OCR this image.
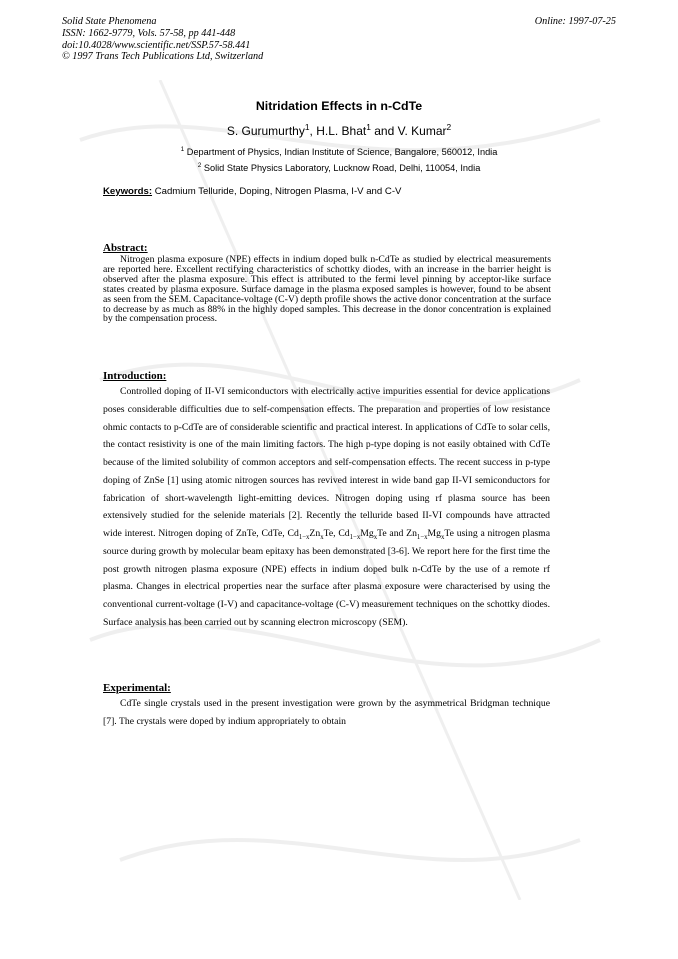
Solid State Phenomena
ISSN: 1662-9779, Vols. 57-58, pp 441-448
doi:10.4028/www.scientific.net/SSP.57-58.441
© 1997 Trans Tech Publications Ltd, Switzerland
Online: 1997-07-25
Nitridation Effects in n-CdTe
S. Gurumurthy$^1$, H.L. Bhat$^1$ and V. Kumar$^2$
$^1$ Department of Physics, Indian Institute of Science, Bangalore, 560012, India
$^2$ Solid State Physics Laboratory, Lucknow Road, Delhi, 110054, India
Keywords: Cadmium Telluride, Doping, Nitrogen Plasma, I-V and C-V
Abstract:
Nitrogen plasma exposure (NPE) effects in indium doped bulk n-CdTe as studied by electrical measurements are reported here. Excellent rectifying characteristics of schottky diodes, with an increase in the barrier height is observed after the plasma exposure. This effect is attributed to the fermi level pinning by acceptor-like surface states created by plasma exposure. Surface damage in the plasma exposed samples is however, found to be absent as seen from the SEM. Capacitance-voltage (C-V) depth profile shows the active donor concentration at the surface to decrease by as much as 88% in the highly doped samples. This decrease in the donor concentration is explained by the compensation process.
Introduction:
Controlled doping of II-VI semiconductors with electrically active impurities essential for device applications poses considerable difficulties due to self-compensation effects. The preparation and properties of low resistance ohmic contacts to p-CdTe are of considerable scientific and practical interest. In applications of CdTe to solar cells, the contact resistivity is one of the main limiting factors. The high p-type doping is not easily obtained with CdTe because of the limited solubility of common acceptors and self-compensation effects. The recent success in p-type doping of ZnSe [1] using atomic nitrogen sources has revived interest in wide band gap II-VI semiconductors for fabrication of short-wavelength light-emitting devices. Nitrogen doping using rf plasma source has been extensively studied for the selenide materials [2]. Recently the telluride based II-VI compounds have attracted wide interest. Nitrogen doping of ZnTe, CdTe, $Cd_{1-x}Zn_xTe$, $Cd_{1-x}Mg_xTe$ and $Zn_{1-x}Mg_xTe$ using a nitrogen plasma source during growth by molecular beam epitaxy has been demonstrated [3-6]. We report here for the first time the post growth nitrogen plasma exposure (NPE) effects in indium doped bulk n-CdTe by the use of a remote rf plasma. Changes in electrical properties near the surface after plasma exposure were characterised by using the conventional current-voltage (I-V) and capacitance-voltage (C-V) measurement techniques on the schottky diodes. Surface analysis has been carried out by scanning electron microscopy (SEM).
Experimental:
CdTe single crystals used in the present investigation were grown by the asymmetrical Bridgman technique [7]. The crystals were doped by indium appropriately to obtain
